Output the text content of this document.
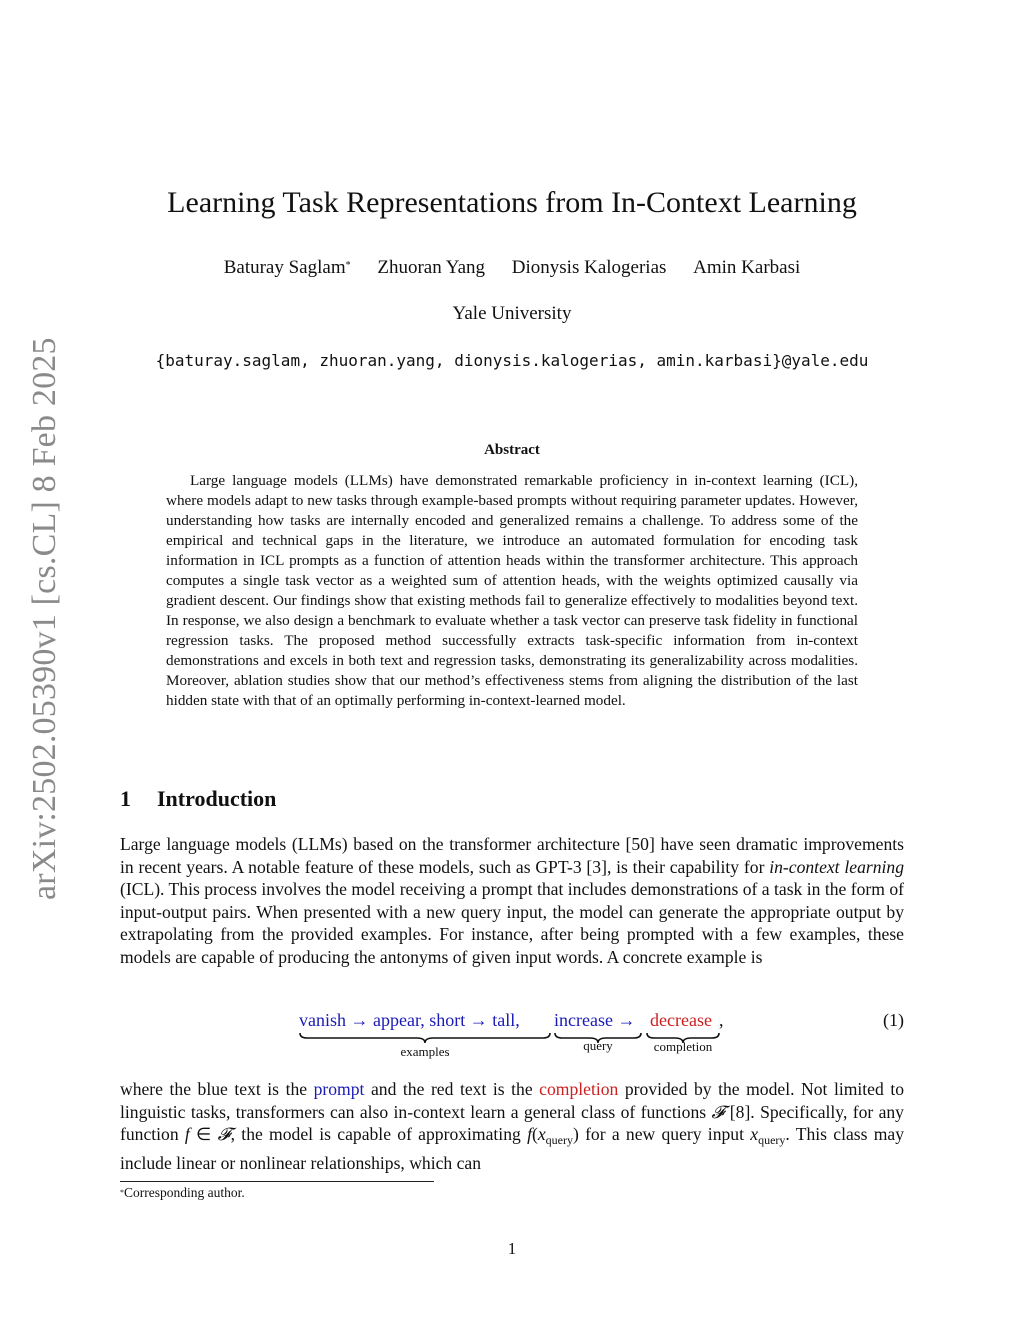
arXiv:2502.05390v1 [cs.CL] 8 Feb 2025
Learning Task Representations from In-Context Learning
Baturay Saglam* Zhuoran Yang Dionysis Kalogerias Amin Karbasi
Yale University
{baturay.saglam, zhuoran.yang, dionysis.kalogerias, amin.karbasi}@yale.edu
Abstract

Large language models (LLMs) have demonstrated remarkable proficiency in in-context learning (ICL), where models adapt to new tasks through example-based prompts without requiring parameter updates. However, understanding how tasks are internally encoded and generalized remains a challenge. To address some of the empirical and technical gaps in the literature, we introduce an automated formulation for encoding task information in ICL prompts as a function of attention heads within the transformer architecture. This approach computes a single task vector as a weighted sum of attention heads, with the weights optimized causally via gradient descent. Our findings show that existing methods fail to generalize effectively to modalities beyond text. In response, we also design a benchmark to evaluate whether a task vector can preserve task fidelity in functional regression tasks. The proposed method successfully extracts task-specific information from in-context demonstrations and excels in both text and regression tasks, demonstrating its generalizability across modalities. Moreover, ablation studies show that our method’s effectiveness stems from aligning the distribution of the last hidden state with that of an optimally performing in-context-learned model.

1 Introduction

Large language models (LLMs) based on the transformer architecture [50] have seen dramatic improvements in recent years. A notable feature of these models, such as GPT-3 [3], is their capability for in-context learning (ICL). This process involves the model receiving a prompt that includes demonstrations of a task in the form of input-output pairs. When presented with a new query input, the model can generate the appropriate output by extrapolating from the provided examples. For instance, after being prompted with a few examples, these models are capable of producing the antonyms of given input words. A concrete example is

vanish → appear, short → tall, increase → decrease ,
examples	query	completion
(1)

where the blue text is the prompt and the red text is the completion provided by the model. Not limited to linguistic tasks, transformers can also in-context learn a general class of functions 𝓕 [8]. Specifically, for any function f ∈ 𝓕, the model is capable of approximating $f(x_{query})$ for a new query input $x_{query}$. This class may include linear or nonlinear relationships, which can

*Corresponding author.
1
